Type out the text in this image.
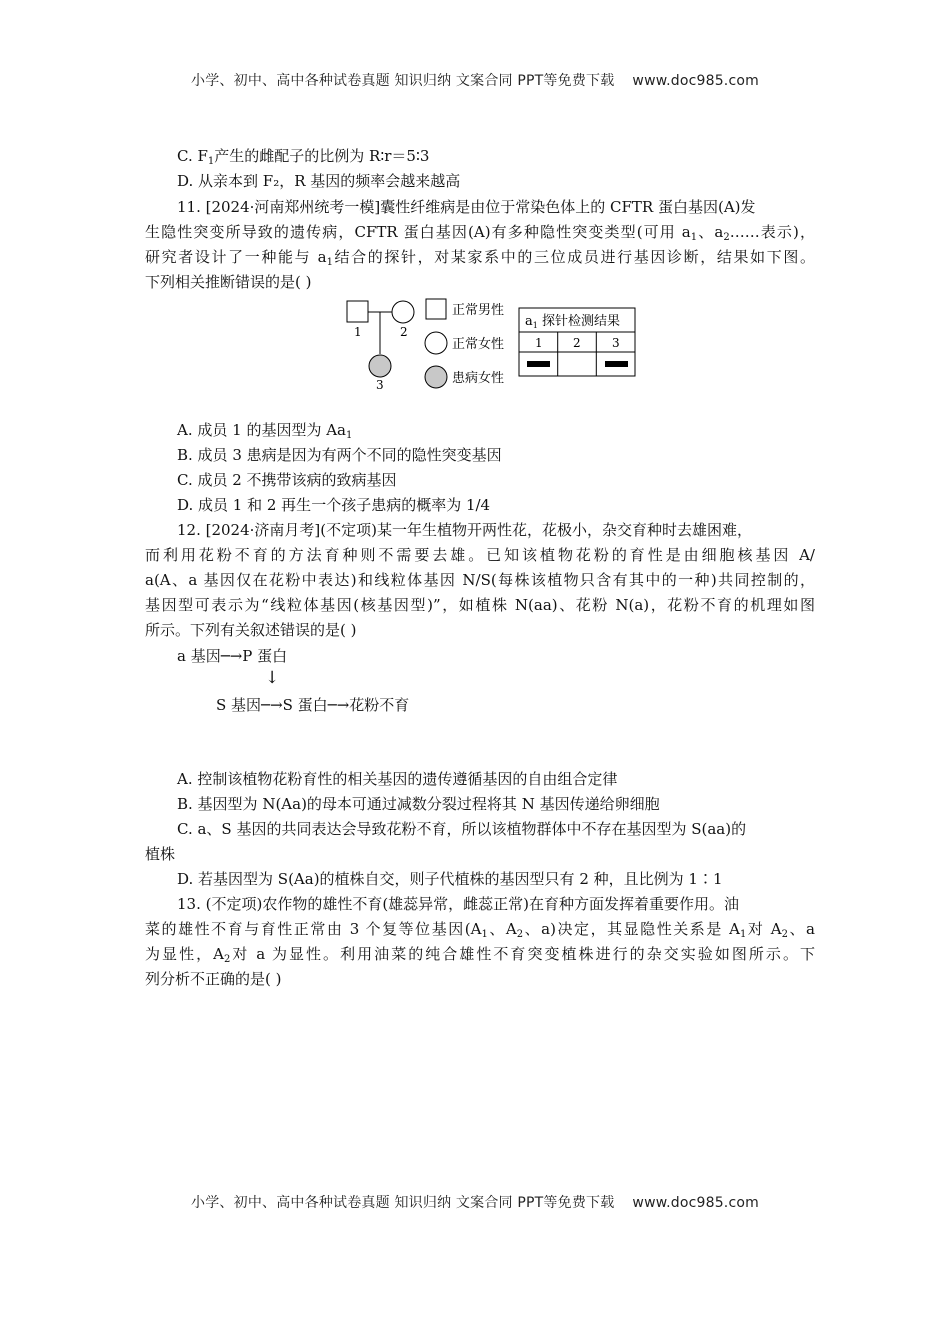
小学、初中、高中各种试卷真题 知识归纳 文案合同 PPT等免费下载 www.doc985.com
C. $F_1$产生的雌配子的比例为 R∶r＝5∶3
D. 从亲本到 F₂，R 基因的频率会越来越高
11. [2024·河南郑州统考一模]囊性纤维病是由位于常染色体上的 CFTR 蛋白基因(A)发
生隐性突变所导致的遗传病，CFTR 蛋白基因(A)有多种隐性突变类型(可用 $a_1$、$a_2\dots\dots$表示)，
研究者设计了一种能与 $a_1$结合的探针，对某家系中的三位成员进行基因诊断，结果如下图。
下列相关推断错误的是( )
1	2
3
正常男性
正常女性
患病女性
$a_1$ 探针检测结果
1	2	3
A. 成员 1 的基因型为 $Aa_1$
B. 成员 3 患病是因为有两个不同的隐性突变基因
C. 成员 2 不携带该病的致病基因
D. 成员 1 和 2 再生一个孩子患病的概率为 1/4
12. [2024·济南月考](不定项)某一年生植物开两性花，花极小，杂交育种时去雄困难，
而利用花粉不育的方法育种则不需要去雄。已知该植物花粉的育性是由细胞核基因 A/
a(A、a 基因仅在花粉中表达)和线粒体基因 N/S(每株该植物只含有其中的一种)共同控制的，
基因型可表示为“线粒体基因(核基因型)”，如植株 N(aa)、花粉 N(a)，花粉不育的机理如图
所示。下列有关叙述错误的是( )
a 基因─→P 蛋白
↓
S 基因─→S 蛋白─→花粉不育
A. 控制该植物花粉育性的相关基因的遗传遵循基因的自由组合定律
B. 基因型为 N(Aa)的母本可通过减数分裂过程将其 N 基因传递给卵细胞
C. a、S 基因的共同表达会导致花粉不育，所以该植物群体中不存在基因型为 S(aa)的
植株
D. 若基因型为 S(Aa)的植株自交，则子代植株的基因型只有 2 种，且比例为 1∶1
13. (不定项)农作物的雄性不育(雄蕊异常，雌蕊正常)在育种方面发挥着重要作用。油
菜的雄性不育与育性正常由 3 个复等位基因($A_1$、$A_2$、a)决定，其显隐性关系是 $A_1$对 $A_2$、a
为显性，$A_2$对 a 为显性。利用油菜的纯合雄性不育突变植株进行的杂交实验如图所示。下
列分析不正确的是( )
小学、初中、高中各种试卷真题 知识归纳 文案合同 PPT等免费下载 www.doc985.com
